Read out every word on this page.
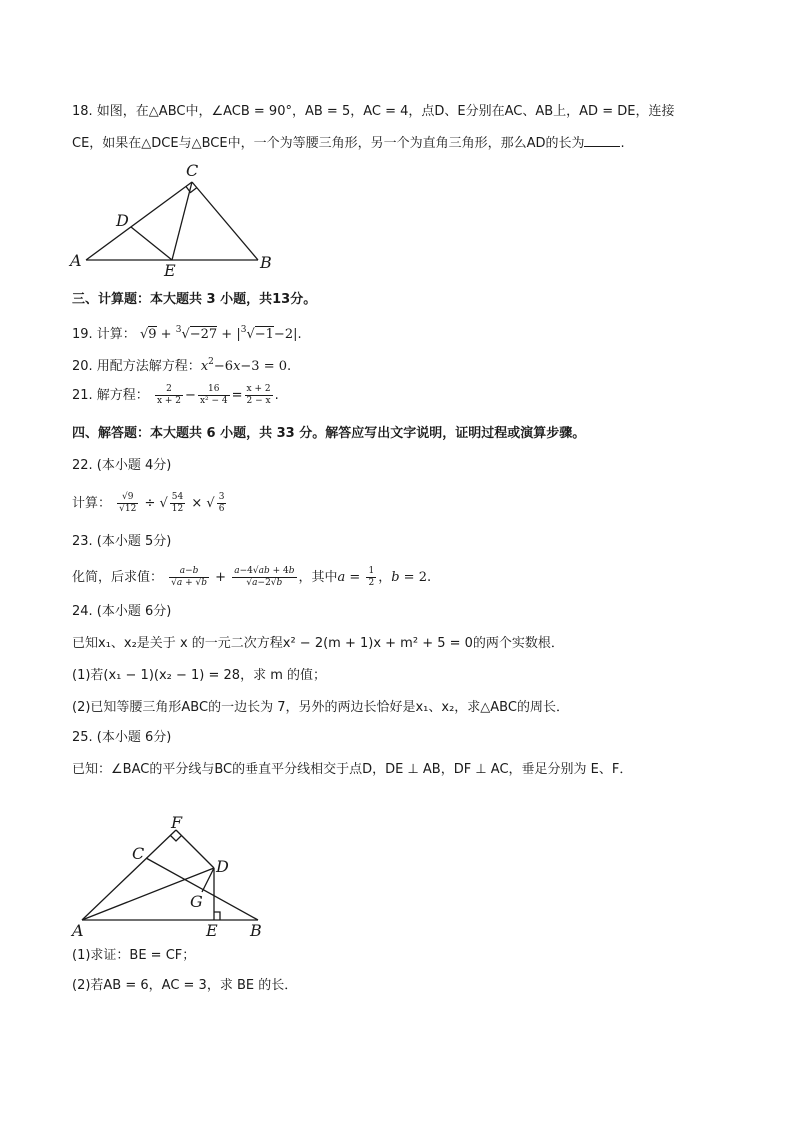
18. 如图，在△ABC中，∠ACB = 90°，AB = 5，AC = 4，点D、E分别在AC、AB上，AD = DE，连接
CE，如果在△DCE与△BCE中，一个为等腰三角形，另一个为直角三角形，那么AD的长为	.
C
D
A
E	B
三、计算题：本大题共 3 小题，共13分。
19. 计算： $√9 + ^3√-27 + |^3√-1-2|$.
20. 用配方法解方程：$x^2-6x-3 = 0$.
21. 解方程： $\frac{2}{x + 2} - \frac{16}{\text{x² − 4}} = \frac{x + 2}{2 - x}$ .
四、解答题：本大题共 6 小题，共 33 分。解答应写出文字说明，证明过程或演算步骤。
22. (本小题 4分)
计算： $\frac{√9}{√12}$ ÷ √ $\frac{54}{12}$ × √ $\frac{3}{6}$
23. (本小题 5分)
化简，后求值： $\frac{a-b}{√a + √b} + \frac{a-4√ab + 4b}{√a-2√b}$ ，其中$a = \frac{1}{2}$ ，b = 2.
24. (本小题 6分)
已知x₁、x₂是关于 x 的一元二次方程x² − 2(m + 1)x + m² + 5 = 0的两个实数根．
(1)若(x₁ − 1)(x₂ − 1) = 28，求 m 的值；
(2)已知等腰三角形ABC的一边长为 7，另外的两边长恰好是x₁、x₂，求△ABC的周长．
25. (本小题 6分)
已知：∠BAC的平分线与BC的垂直平分线相交于点D，DE ⊥ AB，DF ⊥ AC，垂足分别为 E、F．
F
C
D
G
A	E B
(1)求证：BE = CF；
(2)若AB = 6，AC = 3，求 BE 的长．
